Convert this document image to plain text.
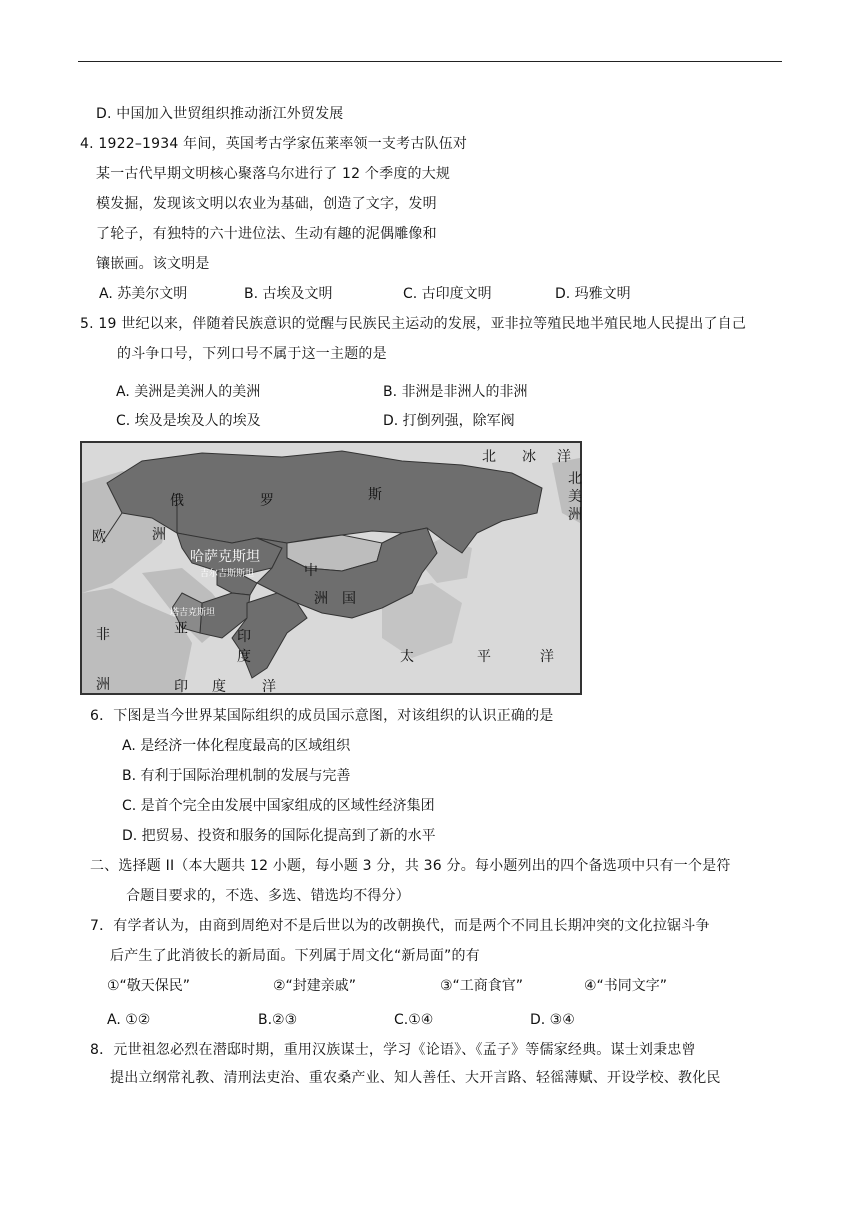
D. 中国加入世贸组织推动浙江外贸发展
4. 1922–1934 年间，英国考古学家伍莱率领一支考古队伍对
某一古代早期文明核心聚落乌尔进行了 12 个季度的大规
模发掘，发现该文明以农业为基础，创造了文字，发明
了轮子，有独特的六十进位法、生动有趣的泥偶雕像和
镶嵌画。该文明是
A. 苏美尔文明	B. 古埃及文明	C. 古印度文明	D. 玛雅文明
5. 19 世纪以来，伴随着民族意识的觉醒与民族民主运动的发展，亚非拉等殖民地半殖民地人民提出了自己
的斗争口号，下列口号不属于这一主题的是
A. 美洲是美洲人的美洲	B. 非洲是非洲人的非洲
C. 埃及是埃及人的埃及	D. 打倒列强，除军阀
北 冰 洋
北
美
洲
俄	罗	斯
欧	洲
哈萨克斯坦
吉尔吉斯斯坦
塔吉克斯坦
亚
中
国
洲
印
度
非
洲
太	平	洋
印 度	洋
6．下图是当今世界某国际组织的成员国示意图，对该组织的认识正确的是
A. 是经济一体化程度最高的区域组织
B. 有利于国际治理机制的发展与完善
C. 是首个完全由发展中国家组成的区域性经济集团
D. 把贸易、投资和服务的国际化提高到了新的水平
二、选择题 II（本大题共 12 小题，每小题 3 分，共 36 分。每小题列出的四个备选项中只有一个是符
合题目要求的，不选、多选、错选均不得分）
7．有学者认为，由商到周绝对不是后世以为的改朝换代，而是两个不同且长期冲突的文化拉锯斗争
后产生了此消彼长的新局面。下列属于周文化“新局面”的有
①“敬天保民”	②“封建亲戚”	③“工商食官”	④“书同文字”
A. ①②	B.②③	C.①④	D. ③④
8．元世祖忽必烈在潜邸时期，重用汉族谋士，学习《论语》、《孟子》等儒家经典。谋士刘秉忠曾
提出立纲常礼教、清刑法吏治、重农桑产业、知人善任、大开言路、轻徭薄赋、开设学校、教化民
